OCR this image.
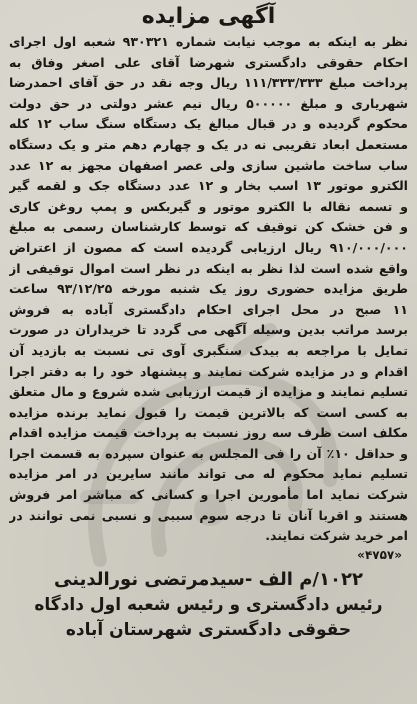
آگهی مزایده
نظر به اینکه به موجب نیابت شماره ۹۳۰۳۲۱ شعبه اول اجرای
احکام حقوقی دادگستری شهرضا آقای علی اصغر وفاق به
پرداخت مبلغ ۱۱۱/۳۳۳/۳۳۳ ریال وجه نقد در حق آقای احمدرضا
شهریاری و مبلغ ۵۰۰۰۰۰ ریال نیم عشر دولتی در حق دولت
محکوم گردیده و در قبال مبالغ یک دستگاه سنگ ساب ۱۲ کله
مستعمل ابعاد تقریبی نه در یک و چهارم دهم متر و یک دستگاه
ساب ساخت ماشین سازی ولی عصر اصفهان مجهز به ۱۲ عدد
الکترو موتور ۱۳ اسب بخار و ۱۲ عدد دستگاه جک و لقمه گیر
و تسمه نقاله با الکترو موتور و گیربکس و پمپ روغن کاری
و فن خشک کن توقیف که توسط کارشناسان رسمی به مبلغ
۹۱۰/۰۰۰/۰۰۰ ریال ارزیابی گردیده است که مصون از اعتراض
واقع شده است لذا نظر به اینکه در نظر است اموال توقیفی از
طریق مزایده حضوری روز یک شنبه مورخه ۹۳/۱۲/۲۵ ساعت
۱۱ صبح در محل اجرای احکام دادگستری آباده به فروش
برسد مراتب بدین وسیله آگهی می گردد تا خریداران در صورت
تمایل با مراجعه به بیدک سنگبری آوی تی نسبت به بازدید آن
اقدام و در مزایده شرکت نمایند و پیشنهاد خود را به دفتر اجرا
تسلیم نمایند و مزایده از قیمت ارزیابی شده شروع و مال متعلق
به کسی است که بالاترین قیمت را قبول نماید برنده مزایده
مکلف است ظرف سه روز نسبت به پرداخت قیمت مزایده اقدام
و حداقل ۱۰٪ آن را فی المجلس به عنوان سپرده به قسمت اجرا
تسلیم نماید محکوم له می تواند مانند سایرین در امر مزایده
شرکت نماید اما مأمورین اجرا و کسانی که مباشر امر فروش
هستند و اقربا آنان تا درجه سوم سببی و نسبی نمی توانند در
امر خرید شرکت نمایند.
«۴۷۵۷»
۱۰۲۲/م الف -سیدمرتضی نورالدینی
رئیس دادگستری و رئیس شعبه اول دادگاه
حقوقی دادگستری شهرستان آباده
